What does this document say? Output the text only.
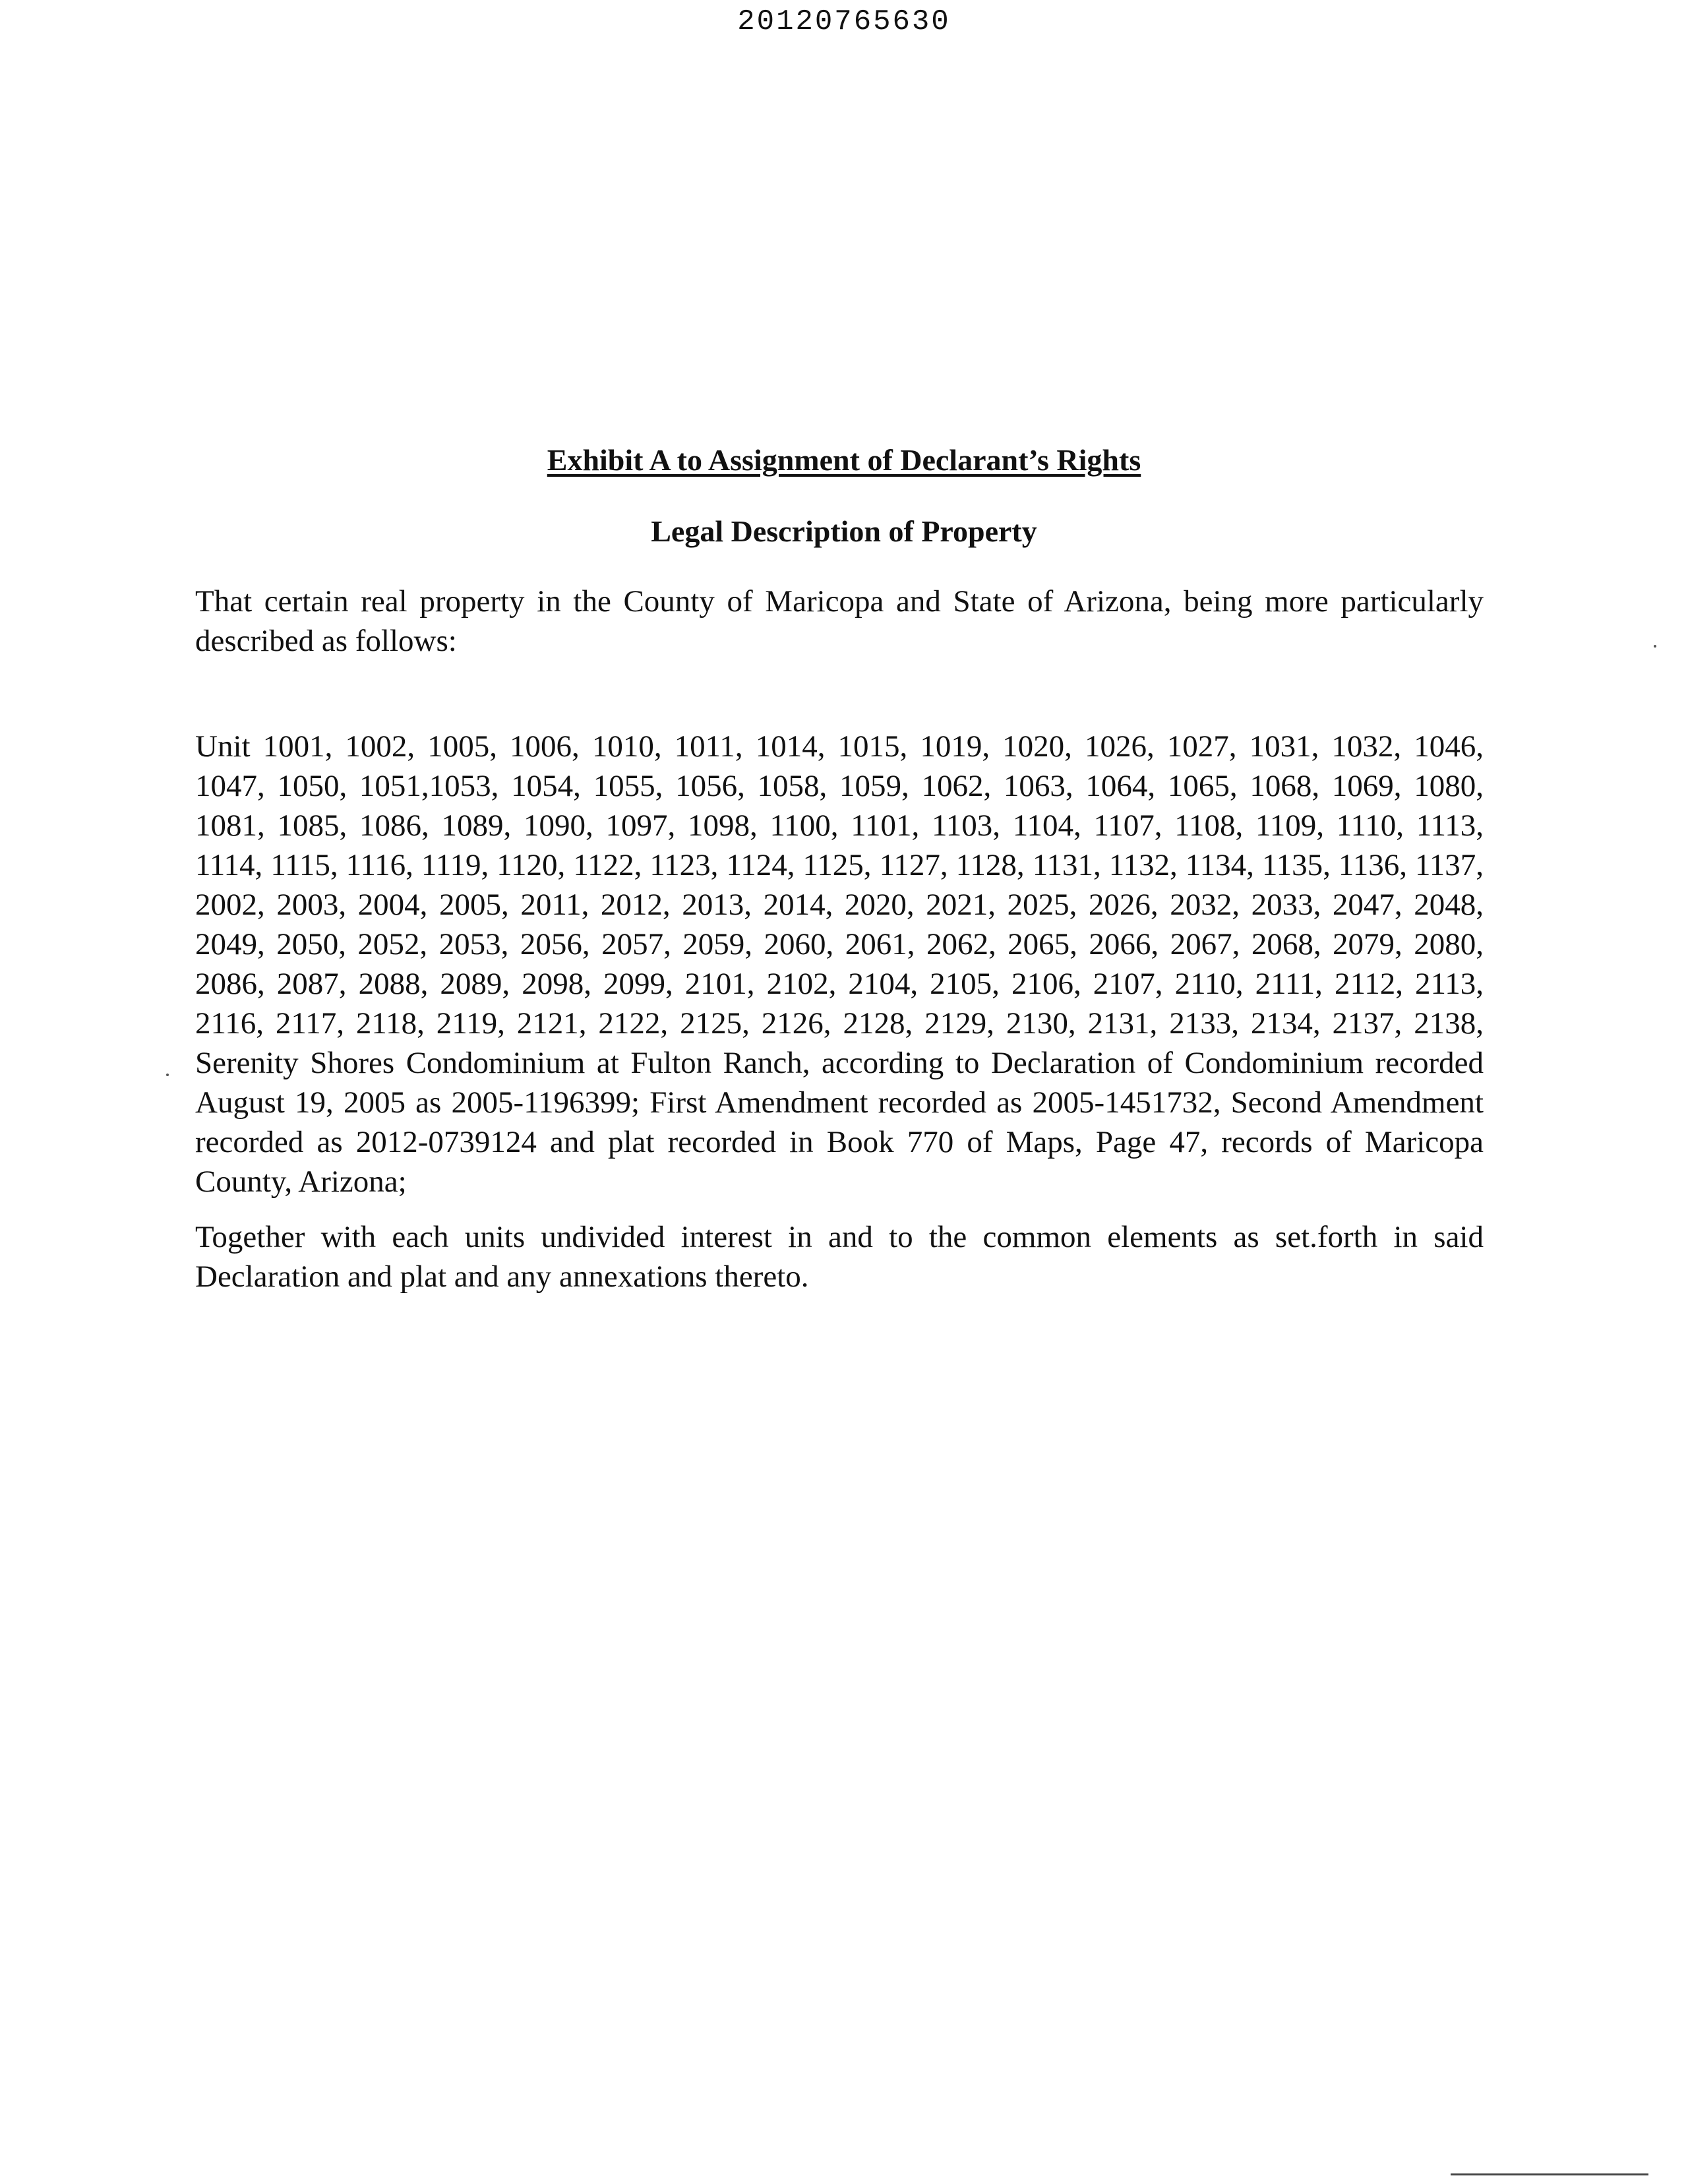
20120765630
Exhibit A to Assignment of Declarant’s Rights
Legal Description of Property

That certain real property in the County of Maricopa and State of Arizona, being more particularly described as follows:

Unit 1001, 1002, 1005, 1006, 1010, 1011, 1014, 1015, 1019, 1020, 1026, 1027, 1031, 1032, 1046, 1047, 1050, 1051,1053, 1054, 1055, 1056, 1058, 1059, 1062, 1063, 1064, 1065, 1068, 1069, 1080, 1081, 1085, 1086, 1089, 1090, 1097, 1098, 1100, 1101, 1103, 1104, 1107, 1108, 1109, 1110, 1113, 1114, 1115, 1116, 1119, 1120, 1122, 1123, 1124, 1125, 1127, 1128, 1131, 1132, 1134, 1135, 1136, 1137, 2002, 2003, 2004, 2005, 2011, 2012, 2013, 2014, 2020, 2021, 2025, 2026, 2032, 2033, 2047, 2048, 2049, 2050, 2052, 2053, 2056, 2057, 2059, 2060, 2061, 2062, 2065, 2066, 2067, 2068, 2079, 2080, 2086, 2087, 2088, 2089, 2098, 2099, 2101, 2102, 2104, 2105, 2106, 2107, 2110, 2111, 2112, 2113, 2116, 2117, 2118, 2119, 2121, 2122, 2125, 2126, 2128, 2129, 2130, 2131, 2133, 2134, 2137, 2138, Serenity Shores Condominium at Fulton Ranch, according to Declaration of Condominium recorded August 19, 2005 as 2005-1196399; First Amendment recorded as 2005-1451732, Second Amendment recorded as 2012-0739124 and plat recorded in Book 770 of Maps, Page 47, records of Maricopa County, Arizona;

Together with each units undivided interest in and to the common elements as set.forth in said Declaration and plat and any annexations thereto.
